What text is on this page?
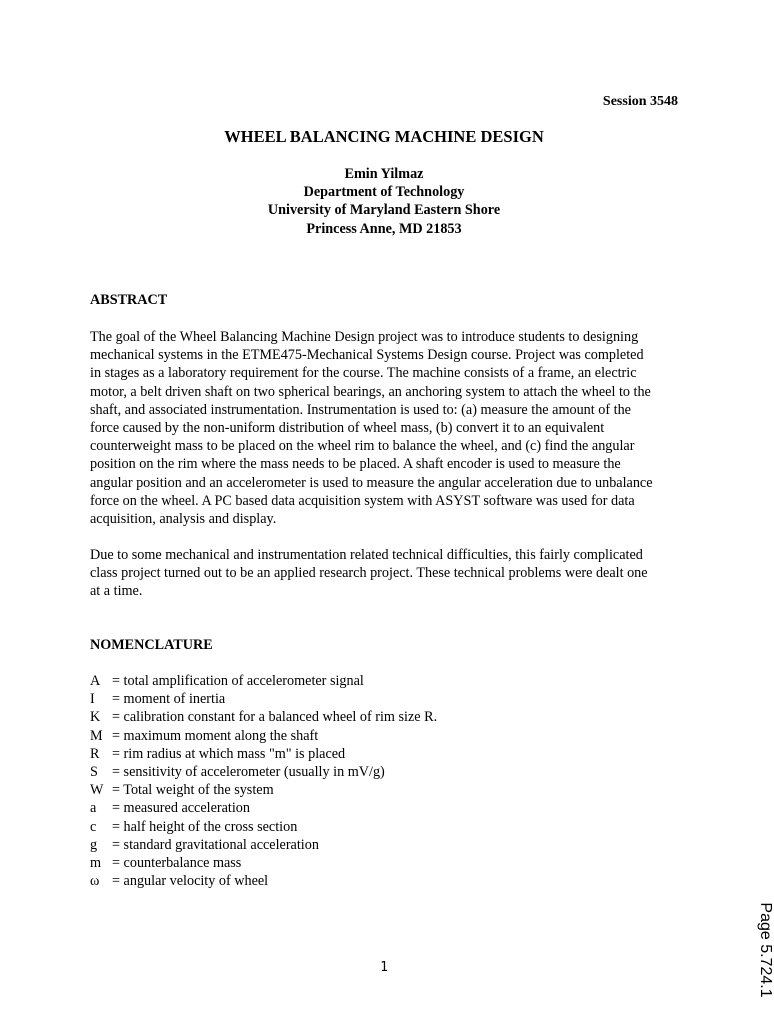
Session 3548

WHEEL BALANCING MACHINE DESIGN
Emin Yilmaz
Department of Technology
University of Maryland Eastern Shore
Princess Anne, MD 21853
ABSTRACT
The goal of the Wheel Balancing Machine Design project was to introduce students to designing
mechanical systems in the ETME475-Mechanical Systems Design course. Project was completed
in stages as a laboratory requirement for the course. The machine consists of a frame, an electric
motor, a belt driven shaft on two spherical bearings, an anchoring system to attach the wheel to the
shaft, and associated instrumentation. Instrumentation is used to: (a) measure the amount of the
force caused by the non-uniform distribution of wheel mass, (b) convert it to an equivalent
counterweight mass to be placed on the wheel rim to balance the wheel, and (c) find the angular
position on the rim where the mass needs to be placed. A shaft encoder is used to measure the
angular position and an accelerometer is used to measure the angular acceleration due to unbalance
force on the wheel. A PC based data acquisition system with ASYST software was used for data
acquisition, analysis and display.
Due to some mechanical and instrumentation related technical difficulties, this fairly complicated
class project turned out to be an applied research project. These technical problems were dealt one
at a time.
NOMENCLATURE
A = total amplification of accelerometer signal
I	= moment of inertia
K = calibration constant for a balanced wheel of rim size R.
M = maximum moment along the shaft
R = rim radius at which mass "m" is placed
S = sensitivity of accelerometer (usually in mV/g)
W = Total weight of the system
a	= measured acceleration
c	= half height of the cross section
g	= standard gravitational acceleration
m = counterbalance mass
ω = angular velocity of wheel
1	Page 5.724.1
